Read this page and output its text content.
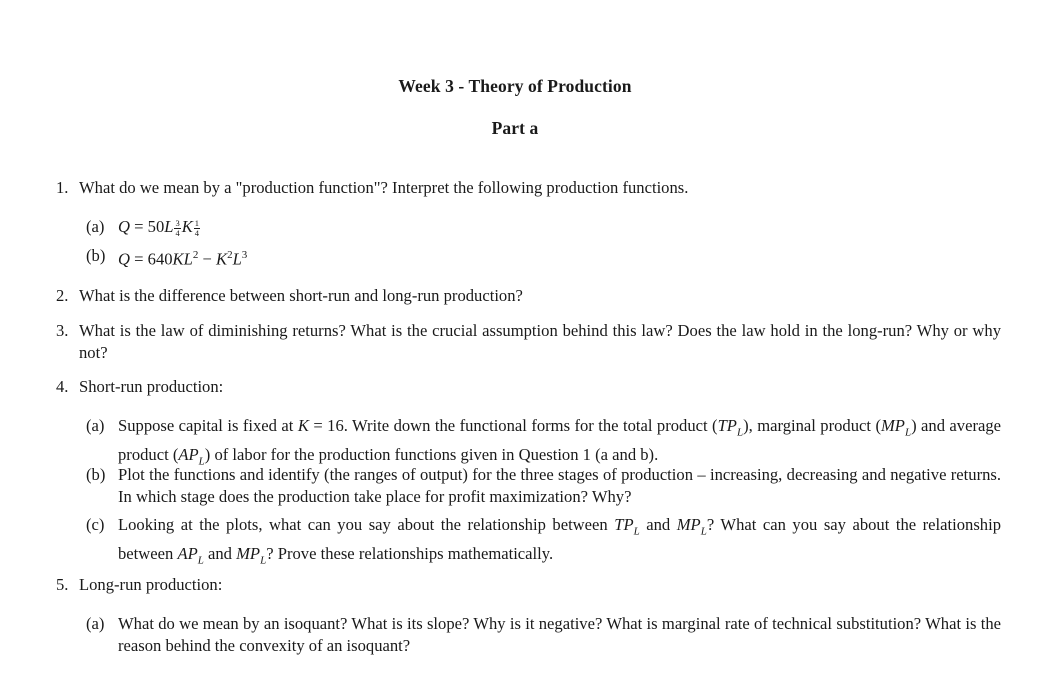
Week 3 - Theory of Production
Part a
1. What do we mean by a "production function"? Interpret the following production functions.
(a) $Q = 50L \frac{3}{4}$ K $\frac{1}{4}$
(b) $Q = 640KL^2 - K^2L^3$
2. What is the difference between short-run and long-run production?
3. What is the law of diminishing returns? What is the crucial assumption behind this law? Does the law hold in the long-run? Why or why not?
4. Short-run production:
(a) Suppose capital is fixed at K = 16. Write down the functional forms for the total product $(TP_L)$, marginal product $(MP_L)$ and average product $(AP_L)$ of labor for the production functions given in Question 1 (a and b).
(b) Plot the functions and identify (the ranges of output) for the three stages of production – increasing, decreasing and negative returns. In which stage does the production take place for profit maximization? Why?
(c) Looking at the plots, what can you say about the relationship between $TP_L$ and $MP_L$? What can you say about the relationship between $AP_L$ and $MP_L$? Prove these relationships mathematically.
5. Long-run production:
(a) What do we mean by an isoquant? What is its slope? Why is it negative? What is marginal rate of technical substitution? What is the reason behind the convexity of an isoquant?
